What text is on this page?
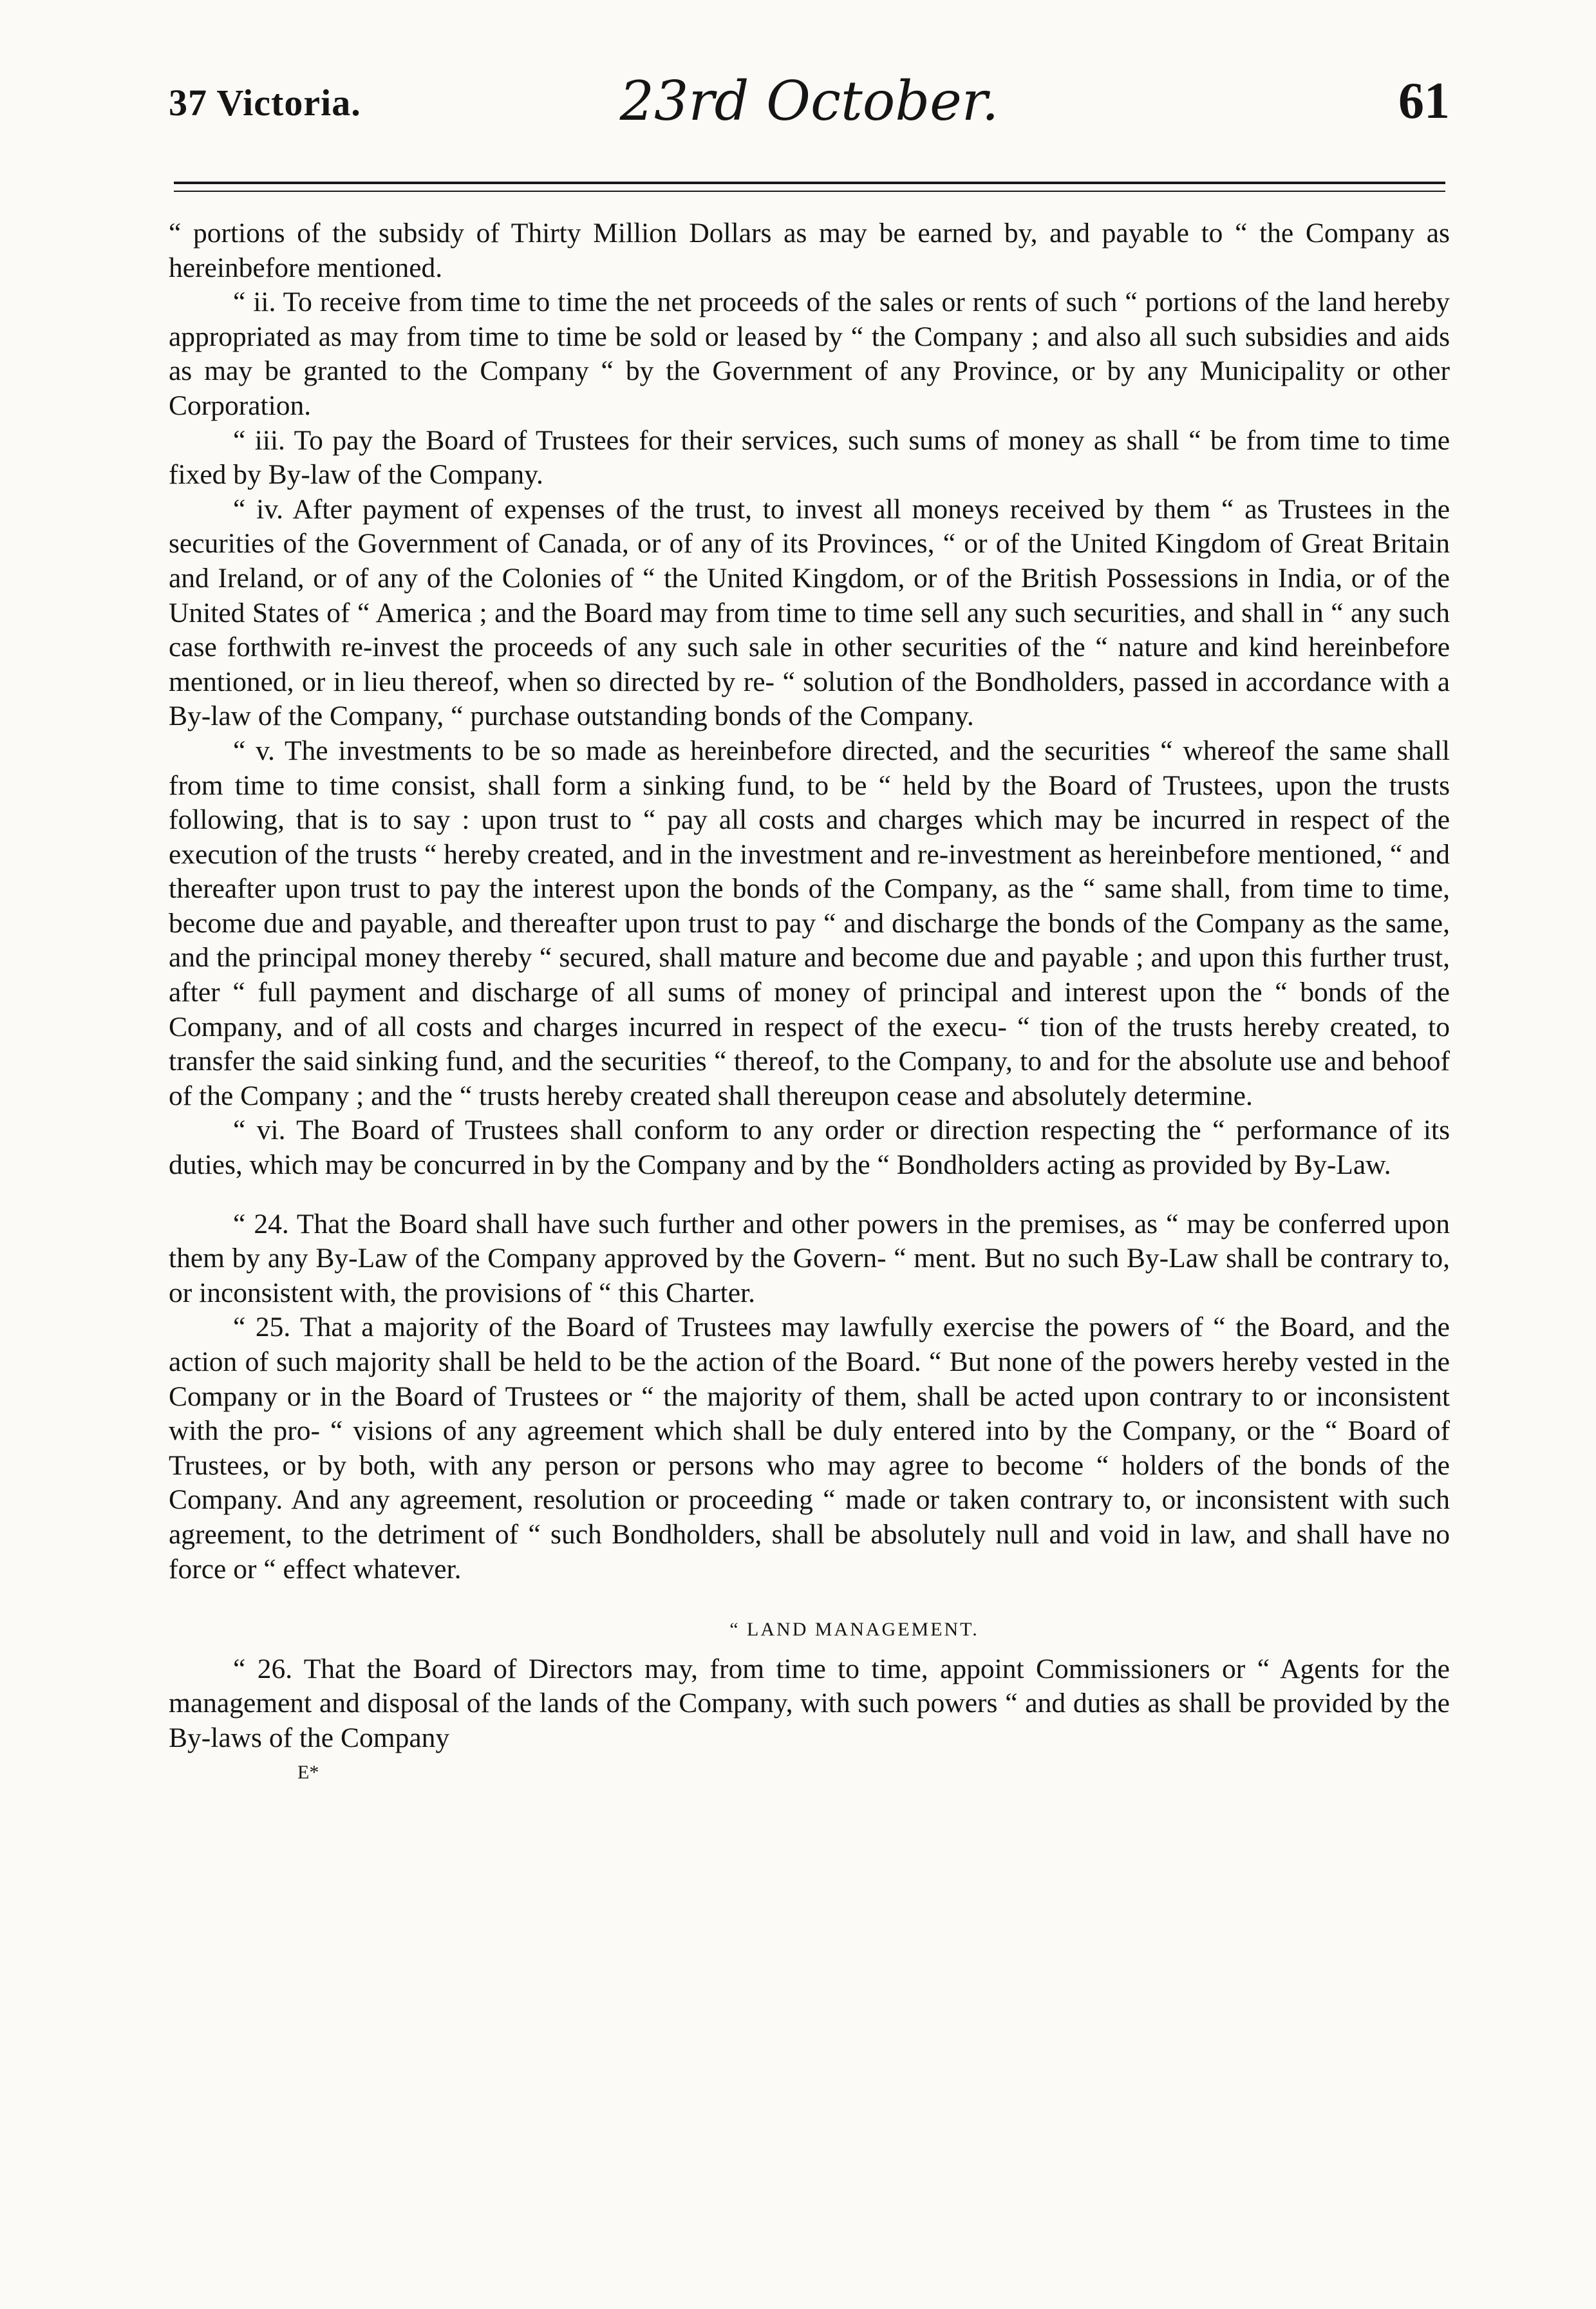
37 Victoria.	23rd October.	61

“ portions of the subsidy of Thirty Million Dollars as may be earned by, and payable to “ the Company as hereinbefore mentioned.

“ ii. To receive from time to time the net proceeds of the sales or rents of such “ portions of the land hereby appropriated as may from time to time be sold or leased by “ the Company ; and also all such subsidies and aids as may be granted to the Company “ by the Government of any Province, or by any Municipality or other Corporation.

“ iii. To pay the Board of Trustees for their services, such sums of money as shall “ be from time to time fixed by By-law of the Company.

“ iv. After payment of expenses of the trust, to invest all moneys received by them “ as Trustees in the securities of the Government of Canada, or of any of its Provinces, “ or of the United Kingdom of Great Britain and Ireland, or of any of the Colonies of “ the United Kingdom, or of the British Possessions in India, or of the United States of “ America ; and the Board may from time to time sell any such securities, and shall in “ any such case forthwith re-invest the proceeds of any such sale in other securities of the “ nature and kind hereinbefore mentioned, or in lieu thereof, when so directed by re- “ solution of the Bondholders, passed in accordance with a By-law of the Company, “ purchase outstanding bonds of the Company.

“ v. The investments to be so made as hereinbefore directed, and the securities “ whereof the same shall from time to time consist, shall form a sinking fund, to be “ held by the Board of Trustees, upon the trusts following, that is to say : upon trust to “ pay all costs and charges which may be incurred in respect of the execution of the trusts “ hereby created, and in the investment and re-investment as hereinbefore mentioned, “ and thereafter upon trust to pay the interest upon the bonds of the Company, as the “ same shall, from time to time, become due and payable, and thereafter upon trust to pay “ and discharge the bonds of the Company as the same, and the principal money thereby “ secured, shall mature and become due and payable ; and upon this further trust, after “ full payment and discharge of all sums of money of principal and interest upon the “ bonds of the Company, and of all costs and charges incurred in respect of the execu- “ tion of the trusts hereby created, to transfer the said sinking fund, and the securities “ thereof, to the Company, to and for the absolute use and behoof of the Company ; and the “ trusts hereby created shall thereupon cease and absolutely determine.

“ vi. The Board of Trustees shall conform to any order or direction respecting the “ performance of its duties, which may be concurred in by the Company and by the “ Bondholders acting as provided by By-Law.

“ 24. That the Board shall have such further and other powers in the premises, as “ may be conferred upon them by any By-Law of the Company approved by the Govern- “ ment. But no such By-Law shall be contrary to, or inconsistent with, the provisions of “ this Charter.

“ 25. That a majority of the Board of Trustees may lawfully exercise the powers of “ the Board, and the action of such majority shall be held to be the action of the Board. “ But none of the powers hereby vested in the Company or in the Board of Trustees or “ the majority of them, shall be acted upon contrary to or inconsistent with the pro- “ visions of any agreement which shall be duly entered into by the Company, or the “ Board of Trustees, or by both, with any person or persons who may agree to become “ holders of the bonds of the Company. And any agreement, resolution or proceeding “ made or taken contrary to, or inconsistent with such agreement, to the detriment of “ such Bondholders, shall be absolutely null and void in law, and shall have no force or “ effect whatever.

“ LAND MANAGEMENT.

“ 26. That the Board of Directors may, from time to time, appoint Commissioners or “ Agents for the management and disposal of the lands of the Company, with such powers “ and duties as shall be provided by the By-laws of the Company

E*
